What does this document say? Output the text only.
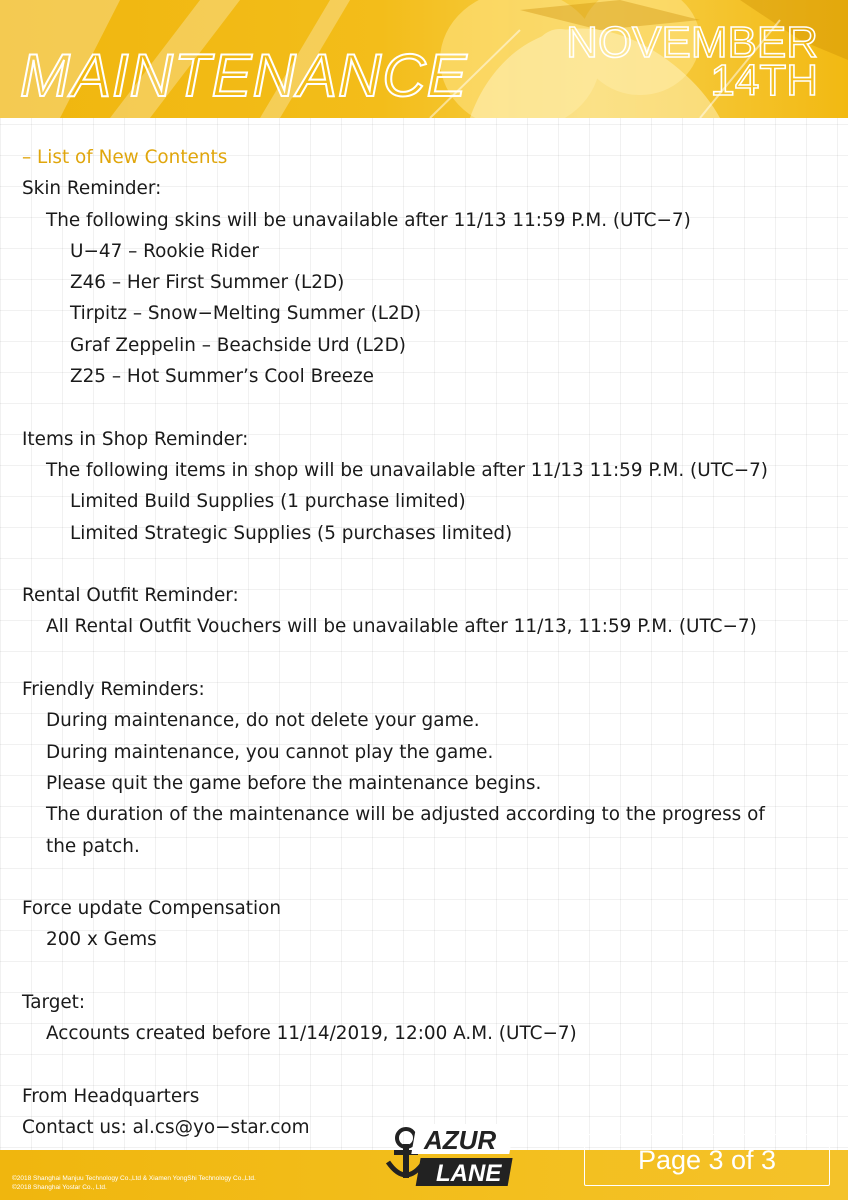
MAINTENANCE NOVEMBER
14TH
– List of New Contents
Skin Reminder:
The following skins will be unavailable after 11/13 11:59 P.M. (UTC−7)
U−47 – Rookie Rider
Z46 – Her First Summer (L2D)
Tirpitz – Snow−Melting Summer (L2D)
Graf Zeppelin – Beachside Urd (L2D)
Z25 – Hot Summer’s Cool Breeze
Items in Shop Reminder:
The following items in shop will be unavailable after 11/13 11:59 P.M. (UTC−7)
Limited Build Supplies (1 purchase limited)
Limited Strategic Supplies (5 purchases limited)
Rental Outfit Reminder:
All Rental Outfit Vouchers will be unavailable after 11/13, 11:59 P.M. (UTC−7)
Friendly Reminders:
During maintenance, do not delete your game.
During maintenance, you cannot play the game.
Please quit the game before the maintenance begins.
The duration of the maintenance will be adjusted according to the progress of
the patch.
Force update Compensation
200 x Gems
Target:
Accounts created before 11/14/2019, 12:00 A.M. (UTC−7)
From Headquarters
Contact us: al.cs@yo−star.com
©2018 Shanghai Manjuu Technology Co.,Ltd & Xiamen YongShi Technology Co.,Ltd.
©2018 Shanghai Yostar Co., Ltd.
AZUR
LANE	Page 3 of 3
